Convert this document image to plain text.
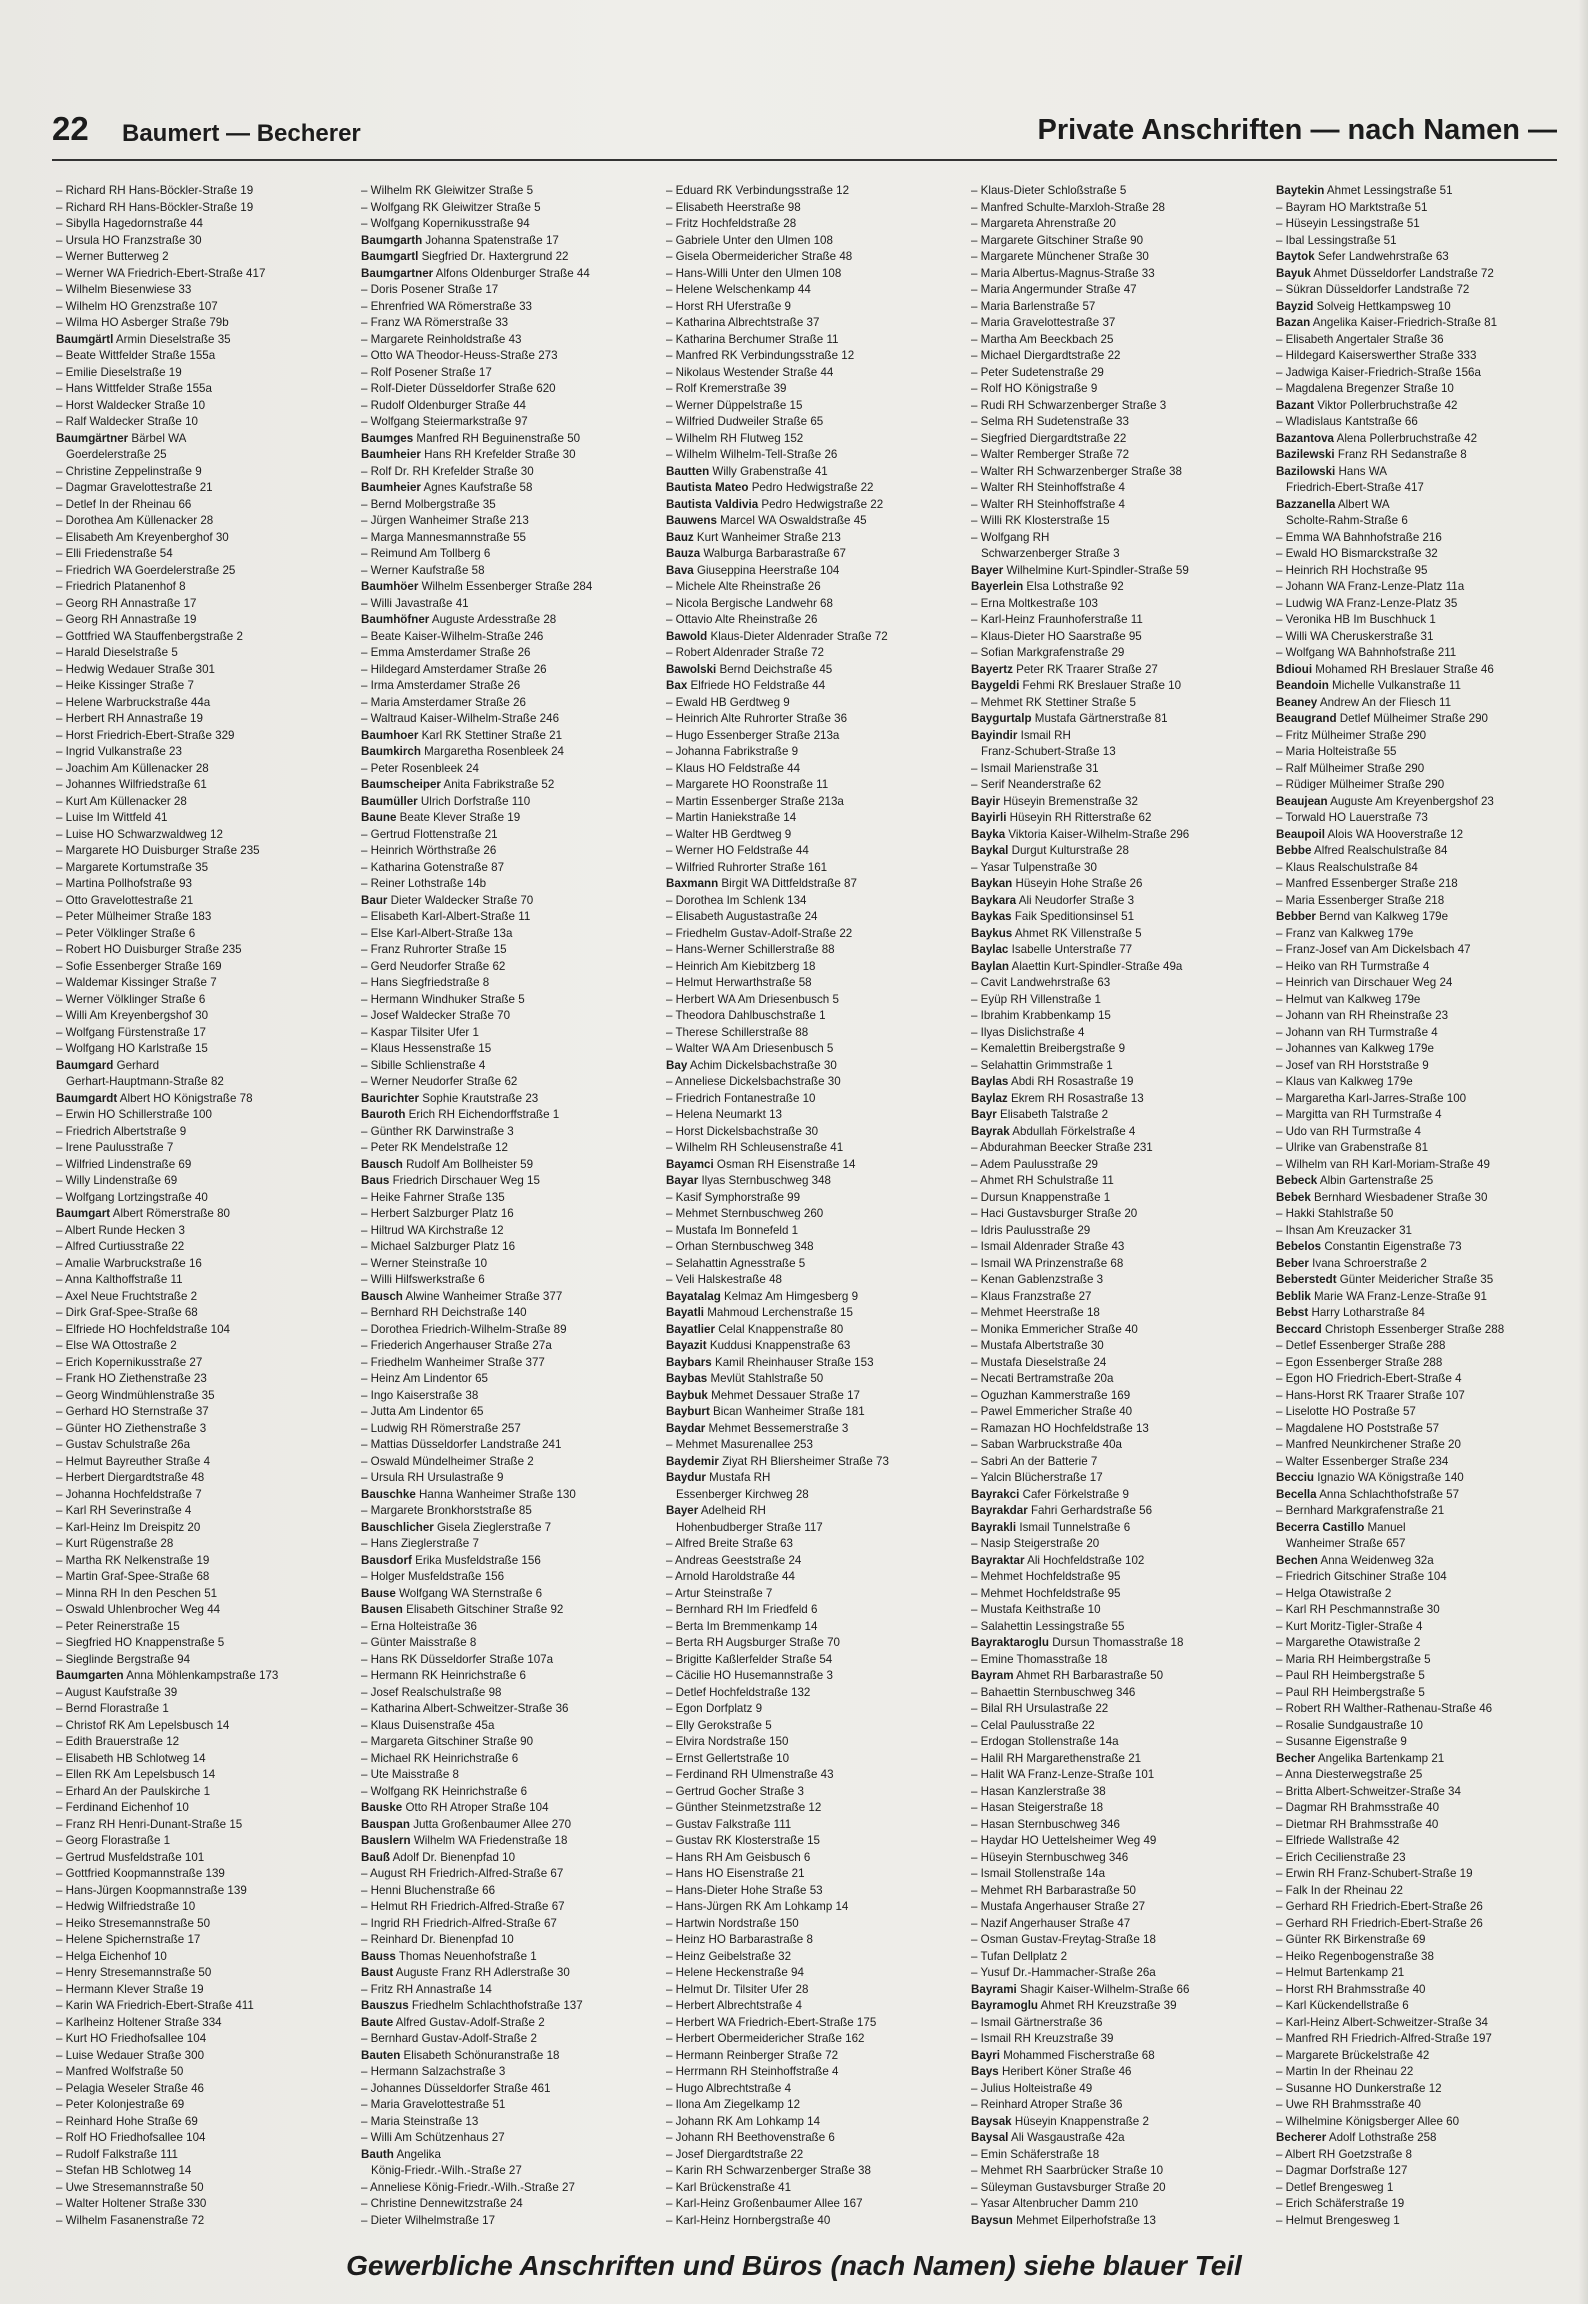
22 Baumert — Becherer	Private Anschriften — nach Namen —
– Richard RH Hans-Böckler-Straße 19
– Richard RH Hans-Böckler-Straße 19
– Sibylla Hagedornstraße 44
– Ursula HO Franzstraße 30
– Werner Butterweg 2
– Werner WA Friedrich-Ebert-Straße 417
– Wilhelm Biesenwiese 33
– Wilhelm HO Grenzstraße 107
– Wilma HO Asberger Straße 79b
Baumgärtl Armin Dieselstraße 35
– Beate Wittfelder Straße 155a
– Emilie Dieselstraße 19
– Hans Wittfelder Straße 155a
– Horst Waldecker Straße 10
– Ralf Waldecker Straße 10
Baumgärtner Bärbel WA
Goerdelerstraße 25
– Christine Zeppelinstraße 9
– Dagmar Gravelottestraße 21
– Detlef In der Rheinau 66
– Dorothea Am Küllenacker 28
– Elisabeth Am Kreyenberghof 30
– Elli Friedenstraße 54
– Friedrich WA Goerdelerstraße 25
– Friedrich Platanenhof 8
– Georg RH Annastraße 17
– Georg RH Annastraße 19
– Gottfried WA Stauffenbergstraße 2
– Harald Dieselstraße 5
– Hedwig Wedauer Straße 301
– Heike Kissinger Straße 7
– Helene Warbruckstraße 44a
– Herbert RH Annastraße 19
– Horst Friedrich-Ebert-Straße 329
– Ingrid Vulkanstraße 23
– Joachim Am Küllenacker 28
– Johannes Wilfriedstraße 61
– Kurt Am Küllenacker 28
– Luise Im Wittfeld 41
– Luise HO Schwarzwaldweg 12
– Margarete HO Duisburger Straße 235
– Margarete Kortumstraße 35
– Martina Pollhofstraße 93
– Otto Gravelottestraße 21
– Peter Mülheimer Straße 183
– Peter Völklinger Straße 6
– Robert HO Duisburger Straße 235
– Sofie Essenberger Straße 169
– Waldemar Kissinger Straße 7
– Werner Völklinger Straße 6
– Willi Am Kreyenbergshof 30
– Wolfgang Fürstenstraße 17
– Wolfgang HO Karlstraße 15
Baumgard Gerhard
Gerhart-Hauptmann-Straße 82
Baumgardt Albert HO Königstraße 78
– Erwin HO Schillerstraße 100
– Friedrich Albertstraße 9
– Irene Paulusstraße 7
– Wilfried Lindenstraße 69
– Willy Lindenstraße 69
– Wolfgang Lortzingstraße 40
Baumgart Albert Römerstraße 80
– Albert Runde Hecken 3
– Alfred Curtiusstraße 22
– Amalie Warbruckstraße 16
– Anna Kalthoffstraße 11
– Axel Neue Fruchtstraße 2
– Dirk Graf-Spee-Straße 68
– Elfriede HO Hochfeldstraße 104
– Else WA Ottostraße 2
– Erich Kopernikusstraße 27
– Frank HO Ziethenstraße 23
– Georg Windmühlenstraße 35
– Gerhard HO Sternstraße 37
– Günter HO Ziethenstraße 3
– Gustav Schulstraße 26a
– Helmut Bayreuther Straße 4
– Herbert Diergardtstraße 48
– Johanna Hochfeldstraße 7
– Karl RH Severinstraße 4
– Karl-Heinz Im Dreispitz 20
– Kurt Rügenstraße 28
– Martha RK Nelkenstraße 19
– Martin Graf-Spee-Straße 68
– Minna RH In den Peschen 51
– Oswald Uhlenbrocher Weg 44
– Peter Reinerstraße 15
– Siegfried HO Knappenstraße 5
– Sieglinde Bergstraße 94
Baumgarten Anna Möhlenkampstraße 173
– August Kaufstraße 39
– Bernd Florastraße 1
– Christof RK Am Lepelsbusch 14
– Edith Brauerstraße 12
– Elisabeth HB Schlotweg 14
– Ellen RK Am Lepelsbusch 14
– Erhard An der Paulskirche 1
– Ferdinand Eichenhof 10
– Franz RH Henri-Dunant-Straße 15
– Georg Florastraße 1
– Gertrud Musfeldstraße 101
– Gottfried Koopmannstraße 139
– Hans-Jürgen Koopmannstraße 139
– Hedwig Wilfriedstraße 10
– Heiko Stresemannstraße 50
– Helene Spichernstraße 17
– Helga Eichenhof 10
– Henry Stresemannstraße 50
– Hermann Klever Straße 19
– Karin WA Friedrich-Ebert-Straße 411
– Karlheinz Holtener Straße 334
– Kurt HO Friedhofsallee 104
– Luise Wedauer Straße 300
– Manfred Wolfstraße 50
– Pelagia Weseler Straße 46
– Peter Kolonjestraße 69
– Reinhard Hohe Straße 69
– Rolf HO Friedhofsallee 104
– Rudolf Falkstraße 111
– Stefan HB Schlotweg 14
– Uwe Stresemannstraße 50
– Walter Holtener Straße 330
– Wilhelm Fasanenstraße 72
– Wilhelm RK Gleiwitzer Straße 5
– Wolfgang RK Gleiwitzer Straße 5
– Wolfgang Kopernikusstraße 94
Baumgarth Johanna Spatenstraße 17
Baumgartl Siegfried Dr. Haxtergrund 22
Baumgartner Alfons Oldenburger Straße 44
– Doris Posener Straße 17
– Ehrenfried WA Römerstraße 33
– Franz WA Römerstraße 33
– Margarete Reinholdstraße 43
– Otto WA Theodor-Heuss-Straße 273
– Rolf Posener Straße 17
– Rolf-Dieter Düsseldorfer Straße 620
– Rudolf Oldenburger Straße 44
– Wolfgang Steiermarkstraße 97
Baumges Manfred RH Beguinenstraße 50
Baumheier Hans RH Krefelder Straße 30
– Rolf Dr. RH Krefelder Straße 30
Baumheier Agnes Kaufstraße 58
– Bernd Molbergstraße 35
– Jürgen Wanheimer Straße 213
– Marga Mannesmannstraße 55
– Reimund Am Tollberg 6
– Werner Kaufstraße 58
Baumhöer Wilhelm Essenberger Straße 284
– Willi Javastraße 41
Baumhöfner Auguste Ardesstraße 28
– Beate Kaiser-Wilhelm-Straße 246
– Emma Amsterdamer Straße 26
– Hildegard Amsterdamer Straße 26
– Irma Amsterdamer Straße 26
– Maria Amsterdamer Straße 26
– Waltraud Kaiser-Wilhelm-Straße 246
Baumhoer Karl RK Stettiner Straße 21
Baumkirch Margaretha Rosenbleek 24
– Peter Rosenbleek 24
Baumscheiper Anita Fabrikstraße 52
Baumüller Ulrich Dorfstraße 110
Baune Beate Klever Straße 19
– Gertrud Flottenstraße 21
– Heinrich Wörthstraße 26
– Katharina Gotenstraße 87
– Reiner Lothstraße 14b
Baur Dieter Waldecker Straße 70
– Elisabeth Karl-Albert-Straße 11
– Else Karl-Albert-Straße 13a
– Franz Ruhrorter Straße 15
– Gerd Neudorfer Straße 62
– Hans Siegfriedstraße 8
– Hermann Windhuker Straße 5
– Josef Waldecker Straße 70
– Kaspar Tilsiter Ufer 1
– Klaus Hessenstraße 15
– Sibille Schlienstraße 4
– Werner Neudorfer Straße 62
Baurichter Sophie Krautstraße 23
Bauroth Erich RH Eichendorffstraße 1
– Günther RK Darwinstraße 3
– Peter RK Mendelstraße 12
Bausch Rudolf Am Bollheister 59
Baus Friedrich Dirschauer Weg 15
– Heike Fahrner Straße 135
– Herbert Salzburger Platz 16
– Hiltrud WA Kirchstraße 12
– Michael Salzburger Platz 16
– Werner Steinstraße 10
– Willi Hilfswerkstraße 6
Bausch Alwine Wanheimer Straße 377
– Bernhard RH Deichstraße 140
– Dorothea Friedrich-Wilhelm-Straße 89
– Friederich Angerhauser Straße 27a
– Friedhelm Wanheimer Straße 377
– Heinz Am Lindentor 65
– Ingo Kaiserstraße 38
– Jutta Am Lindentor 65
– Ludwig RH Römerstraße 257
– Mattias Düsseldorfer Landstraße 241
– Oswald Mündelheimer Straße 2
– Ursula RH Ursulastraße 9
Bauschke Hanna Wanheimer Straße 130
– Margarete Bronkhorststraße 85
Bauschlicher Gisela Zieglerstraße 7
– Hans Zieglerstraße 7
Bausdorf Erika Musfeldstraße 156
– Holger Musfeldstraße 156
Bause Wolfgang WA Sternstraße 6
Bausen Elisabeth Gitschiner Straße 92
– Erna Holteistraße 36
– Günter Maisstraße 8
– Hans RK Düsseldorfer Straße 107a
– Hermann RK Heinrichstraße 6
– Josef Realschulstraße 98
– Katharina Albert-Schweitzer-Straße 36
– Klaus Duisenstraße 45a
– Margareta Gitschiner Straße 90
– Michael RK Heinrichstraße 6
– Ute Maisstraße 8
– Wolfgang RK Heinrichstraße 6
Bauske Otto RH Atroper Straße 104
Bauspan Jutta Großenbaumer Allee 270
Bauslern Wilhelm WA Friedenstraße 18
Bauß Adolf Dr. Bienenpfad 10
– August RH Friedrich-Alfred-Straße 67
– Henni Bluchenstraße 66
– Helmut RH Friedrich-Alfred-Straße 67
– Ingrid RH Friedrich-Alfred-Straße 67
– Reinhard Dr. Bienenpfad 10
Bauss Thomas Neuenhofstraße 1
Baust Auguste Franz RH Adlerstraße 30
– Fritz RH Annastraße 14
Bauszus Friedhelm Schlachthofstraße 137
Baute Alfred Gustav-Adolf-Straße 2
– Bernhard Gustav-Adolf-Straße 2
Bauten Elisabeth Schönuranstraße 18
– Hermann Salzachstraße 3
– Johannes Düsseldorfer Straße 461
– Maria Gravelottestraße 51
– Maria Steinstraße 13
– Willi Am Schützenhaus 27
Bauth Angelika
König-Friedr.-Wilh.-Straße 27
– Anneliese König-Friedr.-Wilh.-Straße 27
– Christine Dennewitzstraße 24
– Dieter Wilhelmstraße 17
– Eduard RK Verbindungsstraße 12
– Elisabeth Heerstraße 98
– Fritz Hochfeldstraße 28
– Gabriele Unter den Ulmen 108
– Gisela Obermeidericher Straße 48
– Hans-Willi Unter den Ulmen 108
– Helene Welschenkamp 44
– Horst RH Uferstraße 9
– Katharina Albrechtstraße 37
– Katharina Berchumer Straße 11
– Manfred RK Verbindungsstraße 12
– Nikolaus Westender Straße 44
– Rolf Kremerstraße 39
– Werner Düppelstraße 15
– Wilfried Dudweiler Straße 65
– Wilhelm RH Flutweg 152
– Wilhelm Wilhelm-Tell-Straße 26
Bautten Willy Grabenstraße 41
Bautista Mateo Pedro Hedwigstraße 22
Bautista Valdivia Pedro Hedwigstraße 22
Bauwens Marcel WA Oswaldstraße 45
Bauz Kurt Wanheimer Straße 213
Bauza Walburga Barbarastraße 67
Bava Giuseppina Heerstraße 104
– Michele Alte Rheinstraße 26
– Nicola Bergische Landwehr 68
– Ottavio Alte Rheinstraße 26
Bawold Klaus-Dieter Aldenrader Straße 72
– Robert Aldenrader Straße 72
Bawolski Bernd Deichstraße 45
Bax Elfriede HO Feldstraße 44
– Ewald HB Gerdtweg 9
– Heinrich Alte Ruhrorter Straße 36
– Hugo Essenberger Straße 213a
– Johanna Fabrikstraße 9
– Klaus HO Feldstraße 44
– Margarete HO Roonstraße 11
– Martin Essenberger Straße 213a
– Martin Haniekstraße 14
– Walter HB Gerdtweg 9
– Werner HO Feldstraße 44
– Wilfried Ruhrorter Straße 161
Baxmann Birgit WA Dittfeldstraße 87
– Dorothea Im Schlenk 134
– Elisabeth Augustastraße 24
– Friedhelm Gustav-Adolf-Straße 22
– Hans-Werner Schillerstraße 88
– Heinrich Am Kiebitzberg 18
– Helmut Herwarthstraße 58
– Herbert WA Am Driesenbusch 5
– Theodora Dahlbuschstraße 1
– Therese Schillerstraße 88
– Walter WA Am Driesenbusch 5
Bay Achim Dickelsbachstraße 30
– Anneliese Dickelsbachstraße 30
– Friedrich Fontanestraße 10
– Helena Neumarkt 13
– Horst Dickelsbachstraße 30
– Wilhelm RH Schleusenstraße 41
Bayamci Osman RH Eisenstraße 14
Bayar Ilyas Sternbuschweg 348
– Kasif Symphorstraße 99
– Mehmet Sternbuschweg 260
– Mustafa Im Bonnefeld 1
– Orhan Sternbuschweg 348
– Selahattin Agnesstraße 5
– Veli Halskestraße 48
Bayatalag Kelmaz Am Himgesberg 9
Bayatli Mahmoud Lerchenstraße 15
Bayatlier Celal Knappenstraße 80
Bayazit Kuddusi Knappenstraße 63
Baybars Kamil Rheinhauser Straße 153
Baybas Mevlüt Stahlstraße 50
Baybuk Mehmet Dessauer Straße 17
Bayburt Bican Wanheimer Straße 181
Baydar Mehmet Bessemerstraße 3
– Mehmet Masurenallee 253
Baydemir Ziyat RH Bliersheimer Straße 73
Baydur Mustafa RH
Essenberger Kirchweg 28
Bayer Adelheid RH
Hohenbudberger Straße 117
– Alfred Breite Straße 63
– Andreas Geeststraße 24
– Arnold Haroldstraße 44
– Artur Steinstraße 7
– Bernhard RH Im Friedfeld 6
– Berta Im Bremmenkamp 14
– Berta RH Augsburger Straße 70
– Brigitte Kaßlerfelder Straße 54
– Cäcilie HO Husemannstraße 3
– Detlef Hochfeldstraße 132
– Egon Dorfplatz 9
– Elly Gerokstraße 5
– Elvira Nordstraße 150
– Ernst Gellertstraße 10
– Ferdinand RH Ulmenstraße 43
– Gertrud Gocher Straße 3
– Günther Steinmetzstraße 12
– Gustav Falkstraße 111
– Gustav RK Klosterstraße 15
– Hans RH Am Geisbusch 6
– Hans HO Eisenstraße 21
– Hans-Dieter Hohe Straße 53
– Hans-Jürgen RK Am Lohkamp 14
– Hartwin Nordstraße 150
– Heinz HO Barbarastraße 8
– Heinz Geibelstraße 32
– Helene Heckenstraße 94
– Helmut Dr. Tilsiter Ufer 28
– Herbert Albrechtstraße 4
– Herbert WA Friedrich-Ebert-Straße 175
– Herbert Obermeidericher Straße 162
– Hermann Reinberger Straße 72
– Herrmann RH Steinhoffstraße 4
– Hugo Albrechtstraße 4
– Ilona Am Ziegelkamp 12
– Johann RK Am Lohkamp 14
– Johann RH Beethovenstraße 6
– Josef Diergardtstraße 22
– Karin RH Schwarzenberger Straße 38
– Karl Brückenstraße 41
– Karl-Heinz Großenbaumer Allee 167
– Karl-Heinz Hornbergstraße 40
– Klaus-Dieter Schloßstraße 5
– Manfred Schulte-Marxloh-Straße 28
– Margareta Ahrenstraße 20
– Margarete Gitschiner Straße 90
– Margarete Münchener Straße 30
– Maria Albertus-Magnus-Straße 33
– Maria Angermunder Straße 47
– Maria Barlenstraße 57
– Maria Gravelottestraße 37
– Martha Am Beeckbach 25
– Michael Diergardtstraße 22
– Peter Sudetenstraße 29
– Rolf HO Königstraße 9
– Rudi RH Schwarzenberger Straße 3
– Selma RH Sudetenstraße 33
– Siegfried Diergardtstraße 22
– Walter Remberger Straße 72
– Walter RH Schwarzenberger Straße 38
– Walter RH Steinhoffstraße 4
– Walter RH Steinhoffstraße 4
– Willi RK Klosterstraße 15
– Wolfgang RH
Schwarzenberger Straße 3
Bayer Wilhelmine Kurt-Spindler-Straße 59
Bayerlein Elsa Lothstraße 92
– Erna Moltkestraße 103
– Karl-Heinz Fraunhoferstraße 11
– Klaus-Dieter HO Saarstraße 95
– Sofian Markgrafenstraße 29
Bayertz Peter RK Traarer Straße 27
Baygeldi Fehmi RK Breslauer Straße 10
– Mehmet RK Stettiner Straße 5
Baygurtalp Mustafa Gärtnerstraße 81
Bayindir Ismail RH
Franz-Schubert-Straße 13
– Ismail Marienstraße 31
– Serif Neanderstraße 62
Bayir Hüseyin Bremenstraße 32
Bayirli Hüseyin RH Ritterstraße 62
Bayka Viktoria Kaiser-Wilhelm-Straße 296
Baykal Durgut Kulturstraße 28
– Yasar Tulpenstraße 30
Baykan Hüseyin Hohe Straße 26
Baykara Ali Neudorfer Straße 3
Baykas Faik Speditionsinsel 51
Baykus Ahmet RK Villenstraße 5
Baylac Isabelle Unterstraße 77
Baylan Alaettin Kurt-Spindler-Straße 49a
– Cavit Landwehrstraße 63
– Eyüp RH Villenstraße 1
– Ibrahim Krabbenkamp 15
– Ilyas Dislichstraße 4
– Kemalettin Breibergstraße 9
– Selahattin Grimmstraße 1
Baylas Abdi RH Rosastraße 19
Baylaz Ekrem RH Rosastraße 13
Bayr Elisabeth Talstraße 2
Bayrak Abdullah Förkelstraße 4
– Abdurahman Beecker Straße 231
– Adem Paulusstraße 29
– Ahmet RH Schulstraße 11
– Dursun Knappenstraße 1
– Haci Gustavsburger Straße 20
– Idris Paulusstraße 29
– Ismail Aldenrader Straße 43
– Ismail WA Prinzenstraße 68
– Kenan Gablenzstraße 3
– Klaus Franzstraße 27
– Mehmet Heerstraße 18
– Monika Emmericher Straße 40
– Mustafa Albertstraße 30
– Mustafa Dieselstraße 24
– Necati Bertramstraße 20a
– Oguzhan Kammerstraße 169
– Pawel Emmericher Straße 40
– Ramazan HO Hochfeldstraße 13
– Saban Warbruckstraße 40a
– Sabri An der Batterie 7
– Yalcin Blücherstraße 17
Bayrakci Cafer Förkelstraße 9
Bayrakdar Fahri Gerhardstraße 56
Bayrakli Ismail Tunnelstraße 6
– Nasip Steigerstraße 20
Bayraktar Ali Hochfeldstraße 102
– Mehmet Hochfeldstraße 95
– Mehmet Hochfeldstraße 95
– Mustafa Keithstraße 10
– Salahettin Lessingstraße 55
Bayraktaroglu Dursun Thomasstraße 18
– Emine Thomasstraße 18
Bayram Ahmet RH Barbarastraße 50
– Bahaettin Sternbuschweg 346
– Bilal RH Ursulastraße 22
– Celal Paulusstraße 22
– Erdogan Stollenstraße 14a
– Halil RH Margarethenstraße 21
– Halit WA Franz-Lenze-Straße 101
– Hasan Kanzlerstraße 38
– Hasan Steigerstraße 18
– Hasan Sternbuschweg 346
– Haydar HO Uettelsheimer Weg 49
– Hüseyin Sternbuschweg 346
– Ismail Stollenstraße 14a
– Mehmet RH Barbarastraße 50
– Mustafa Angerhauser Straße 27
– Nazif Angerhauser Straße 47
– Osman Gustav-Freytag-Straße 18
– Tufan Dellplatz 2
– Yusuf Dr.-Hammacher-Straße 26a
Bayrami Shagir Kaiser-Wilhelm-Straße 66
Bayramoglu Ahmet RH Kreuzstraße 39
– Ismail Gärtnerstraße 36
– Ismail RH Kreuzstraße 39
Bayri Mohammed Fischerstraße 68
Bays Heribert Köner Straße 46
– Julius Holteistraße 49
– Reinhard Atroper Straße 36
Baysak Hüseyin Knappenstraße 2
Baysal Ali Wasgaustraße 42a
– Emin Schäferstraße 18
– Mehmet RH Saarbrücker Straße 10
– Süleyman Gustavsburger Straße 20
– Yasar Altenbrucher Damm 210
Baysun Mehmet Eilperhofstraße 13
Baytekin Ahmet Lessingstraße 51
– Bayram HO Marktstraße 51
– Hüseyin Lessingstraße 51
– Ibal Lessingstraße 51
Baytok Sefer Landwehrstraße 63
Bayuk Ahmet Düsseldorfer Landstraße 72
– Sükran Düsseldorfer Landstraße 72
Bayzid Solveig Hettkampsweg 10
Bazan Angelika Kaiser-Friedrich-Straße 81
– Elisabeth Angertaler Straße 36
– Hildegard Kaiserswerther Straße 333
– Jadwiga Kaiser-Friedrich-Straße 156a
– Magdalena Bregenzer Straße 10
Bazant Viktor Pollerbruchstraße 42
– Wladislaus Kantstraße 66
Bazantova Alena Pollerbruchstraße 42
Bazilewski Franz RH Sedanstraße 8
Bazilowski Hans WA
Friedrich-Ebert-Straße 417
Bazzanella Albert WA
Scholte-Rahm-Straße 6
– Emma WA Bahnhofstraße 216
– Ewald HO Bismarckstraße 32
– Heinrich RH Hochstraße 95
– Johann WA Franz-Lenze-Platz 11a
– Ludwig WA Franz-Lenze-Platz 35
– Veronika HB Im Buschhuck 1
– Willi WA Cheruskerstraße 31
– Wolfgang WA Bahnhofstraße 211
Bdioui Mohamed RH Breslauer Straße 46
Beandoin Michelle Vulkanstraße 11
Beaney Andrew An der Fliesch 11
Beaugrand Detlef Mülheimer Straße 290
– Fritz Mülheimer Straße 290
– Maria Holteistraße 55
– Ralf Mülheimer Straße 290
– Rüdiger Mülheimer Straße 290
Beaujean Auguste Am Kreyenbergshof 23
– Torwald HO Lauerstraße 73
Beaupoil Alois WA Hooverstraße 12
Bebbe Alfred Realschulstraße 84
– Klaus Realschulstraße 84
– Manfred Essenberger Straße 218
– Maria Essenberger Straße 218
Bebber Bernd van Kalkweg 179e
– Franz van Kalkweg 179e
– Franz-Josef van Am Dickelsbach 47
– Heiko van RH Turmstraße 4
– Heinrich van Dirschauer Weg 24
– Helmut van Kalkweg 179e
– Johann van RH Rheinstraße 23
– Johann van RH Turmstraße 4
– Johannes van Kalkweg 179e
– Josef van RH Horststraße 9
– Klaus van Kalkweg 179e
– Margaretha Karl-Jarres-Straße 100
– Margitta van RH Turmstraße 4
– Udo van RH Turmstraße 4
– Ulrike van Grabenstraße 81
– Wilhelm van RH Karl-Moriam-Straße 49
Bebeck Albin Gartenstraße 25
Bebek Bernhard Wiesbadener Straße 30
– Hakki Stahlstraße 50
– Ihsan Am Kreuzacker 31
Bebelos Constantin Eigenstraße 73
Beber Ivana Schroerstraße 2
Beberstedt Günter Meidericher Straße 35
Beblik Marie WA Franz-Lenze-Straße 91
Bebst Harry Lotharstraße 84
Beccard Christoph Essenberger Straße 288
– Detlef Essenberger Straße 288
– Egon Essenberger Straße 288
– Egon HO Friedrich-Ebert-Straße 4
– Hans-Horst RK Traarer Straße 107
– Liselotte HO Postraße 57
– Magdalene HO Poststraße 57
– Manfred Neunkirchener Straße 20
– Walter Essenberger Straße 234
Becciu Ignazio WA Königstraße 140
Becella Anna Schlachthofstraße 57
– Bernhard Markgrafenstraße 21
Becerra Castillo Manuel
Wanheimer Straße 657
Bechen Anna Weidenweg 32a
– Friedrich Gitschiner Straße 104
– Helga Otawistraße 2
– Karl RH Peschmannstraße 30
– Kurt Moritz-Tigler-Straße 4
– Margarethe Otawistraße 2
– Maria RH Heimbergstraße 5
– Paul RH Heimbergstraße 5
– Paul RH Heimbergstraße 5
– Robert RH Walther-Rathenau-Straße 46
– Rosalie Sundgaustraße 10
– Susanne Eigenstraße 9
Becher Angelika Bartenkamp 21
– Anna Diesterwegstraße 25
– Britta Albert-Schweitzer-Straße 34
– Dagmar RH Brahmsstraße 40
– Dietmar RH Brahmsstraße 40
– Elfriede Wallstraße 42
– Erich Cecilienstraße 23
– Erwin RH Franz-Schubert-Straße 19
– Falk In der Rheinau 22
– Gerhard RH Friedrich-Ebert-Straße 26
– Gerhard RH Friedrich-Ebert-Straße 26
– Günter RK Birkenstraße 69
– Heiko Regenbogenstraße 38
– Helmut Bartenkamp 21
– Horst RH Brahmsstraße 40
– Karl Kückendellstraße 6
– Karl-Heinz Albert-Schweitzer-Straße 34
– Manfred RH Friedrich-Alfred-Straße 197
– Margarete Brückelstraße 42
– Martin In der Rheinau 22
– Susanne HO Dunkerstraße 12
– Uwe RH Brahmsstraße 40
– Wilhelmine Königsberger Allee 60
Becherer Adolf Lothstraße 258
– Albert RH Goetzstraße 8
– Dagmar Dorfstraße 127
– Detlef Brengesweg 1
– Erich Schäferstraße 19
– Helmut Brengesweg 1
Gewerbliche Anschriften und Büros (nach Namen) siehe blauer Teil
